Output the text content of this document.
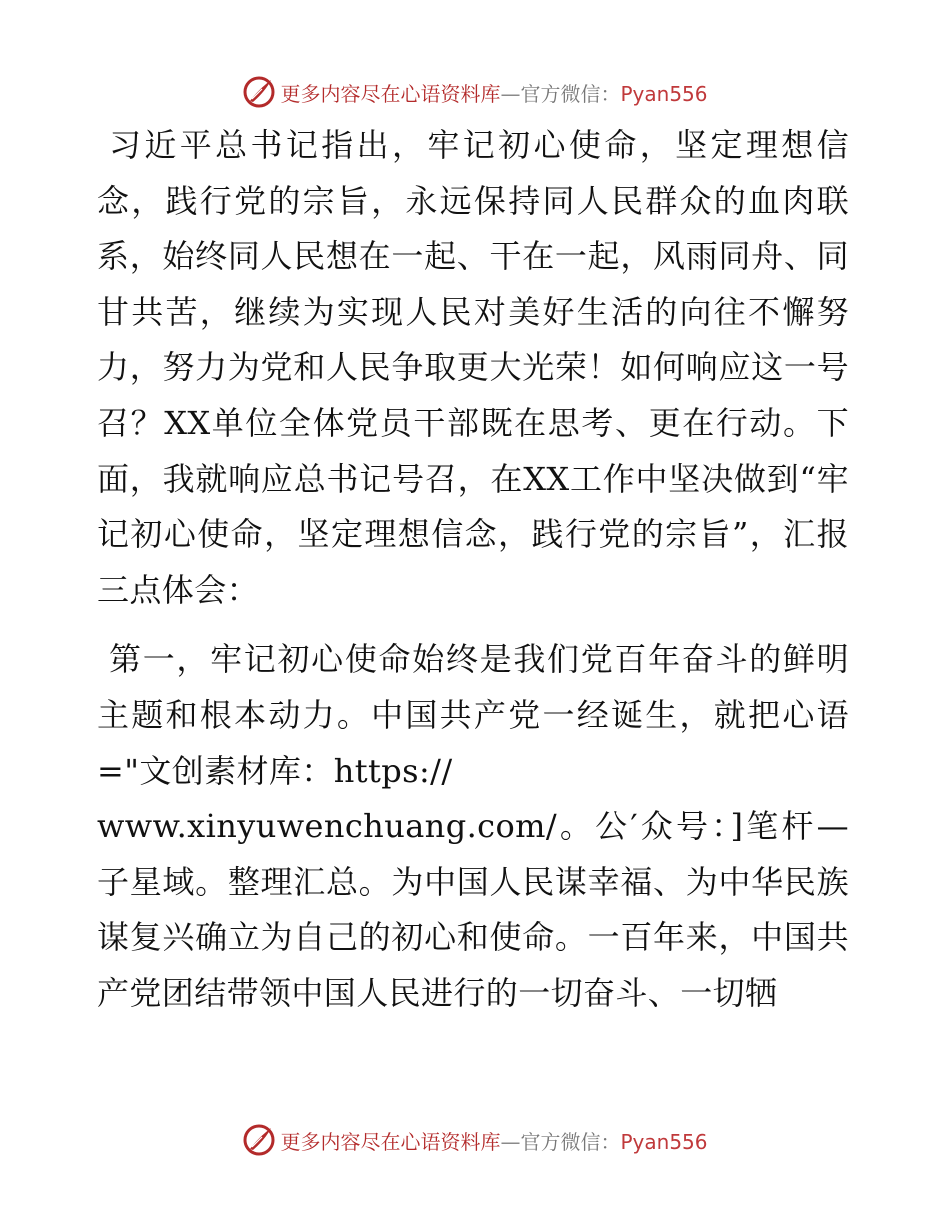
更多内容尽在心语资料库—官方微信：Pyan556

习近平总书记指出，牢记初心使命，坚定理想信念，践行党的宗旨，永远保持同人民群众的血肉联系，始终同人民想在一起、干在一起，风雨同舟、同甘共苦，继续为实现人民对美好生活的向往不懈努力，努力为党和人民争取更大光荣！如何响应这一号召？XX单位全体党员干部既在思考、更在行动。下面，我就响应总书记号召，在XX工作中坚决做到“牢记初心使命，坚定理想信念，践行党的宗旨”，汇报三点体会：

第一，牢记初心使命始终是我们党百年奋斗的鲜明主题和根本动力。中国共产党一经诞生，就把心语="文创素材库：https://
www.xinyuwenchuang.com/。公′众号：]笔杆—子星域。整理汇总。为中国人民谋幸福、为中华民族谋复兴确立为自己的初心和使命。一百年来，中国共产党团结带领中国人民进行的一切奋斗、一切牺

更多内容尽在心语资料库—官方微信：Pyan556
